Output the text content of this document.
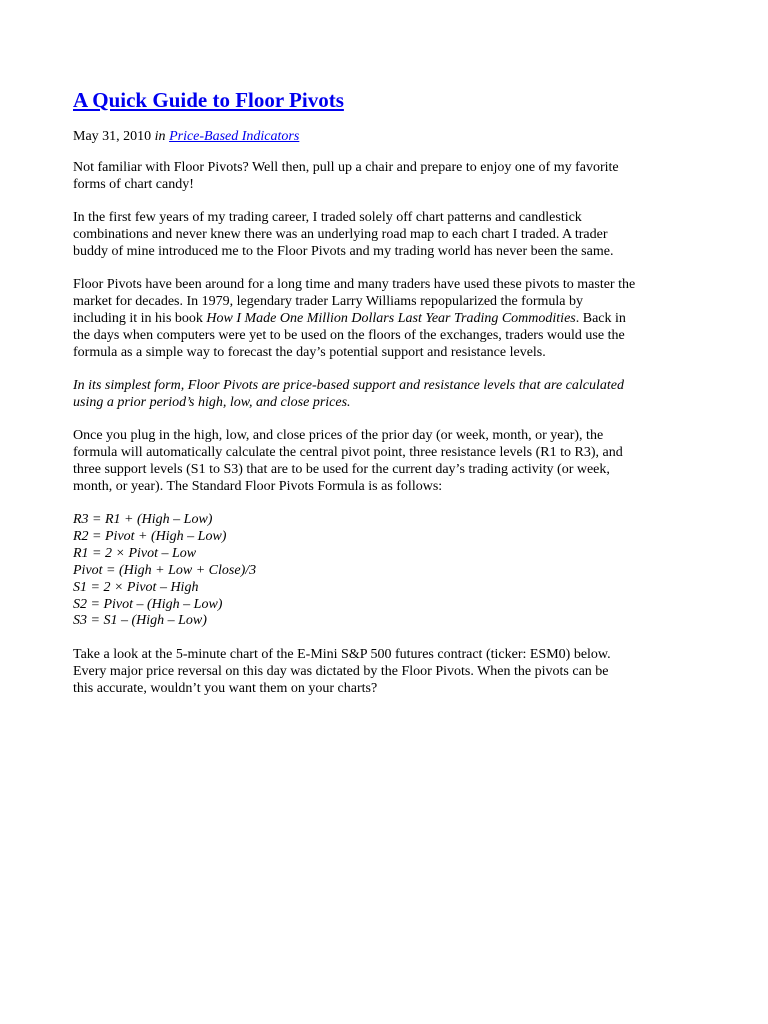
A Quick Guide to Floor Pivots
May 31, 2010 in Price-Based Indicators

Not familiar with Floor Pivots? Well then, pull up a chair and prepare to enjoy one of my favorite
forms of chart candy!

In the first few years of my trading career, I traded solely off chart patterns and candlestick
combinations and never knew there was an underlying road map to each chart I traded. A trader
buddy of mine introduced me to the Floor Pivots and my trading world has never been the same.

Floor Pivots have been around for a long time and many traders have used these pivots to master the
market for decades. In 1979, legendary trader Larry Williams repopularized the formula by
including it in his book How I Made One Million Dollars Last Year Trading Commodities. Back in
the days when computers were yet to be used on the floors of the exchanges, traders would use the
formula as a simple way to forecast the day’s potential support and resistance levels.

In its simplest form, Floor Pivots are price-based support and resistance levels that are calculated
using a prior period’s high, low, and close prices.

Once you plug in the high, low, and close prices of the prior day (or week, month, or year), the
formula will automatically calculate the central pivot point, three resistance levels (R1 to R3), and
three support levels (S1 to S3) that are to be used for the current day’s trading activity (or week,
month, or year). The Standard Floor Pivots Formula is as follows:

R3 = R1 + (High – Low)
R2 = Pivot + (High – Low)
R1 = 2 × Pivot – Low
Pivot = (High + Low + Close)/3
S1 = 2 × Pivot – High
S2 = Pivot – (High – Low)
S3 = S1 – (High – Low)

Take a look at the 5-minute chart of the E-Mini S&P 500 futures contract (ticker: ESM0) below.
Every major price reversal on this day was dictated by the Floor Pivots. When the pivots can be
this accurate, wouldn’t you want them on your charts?
